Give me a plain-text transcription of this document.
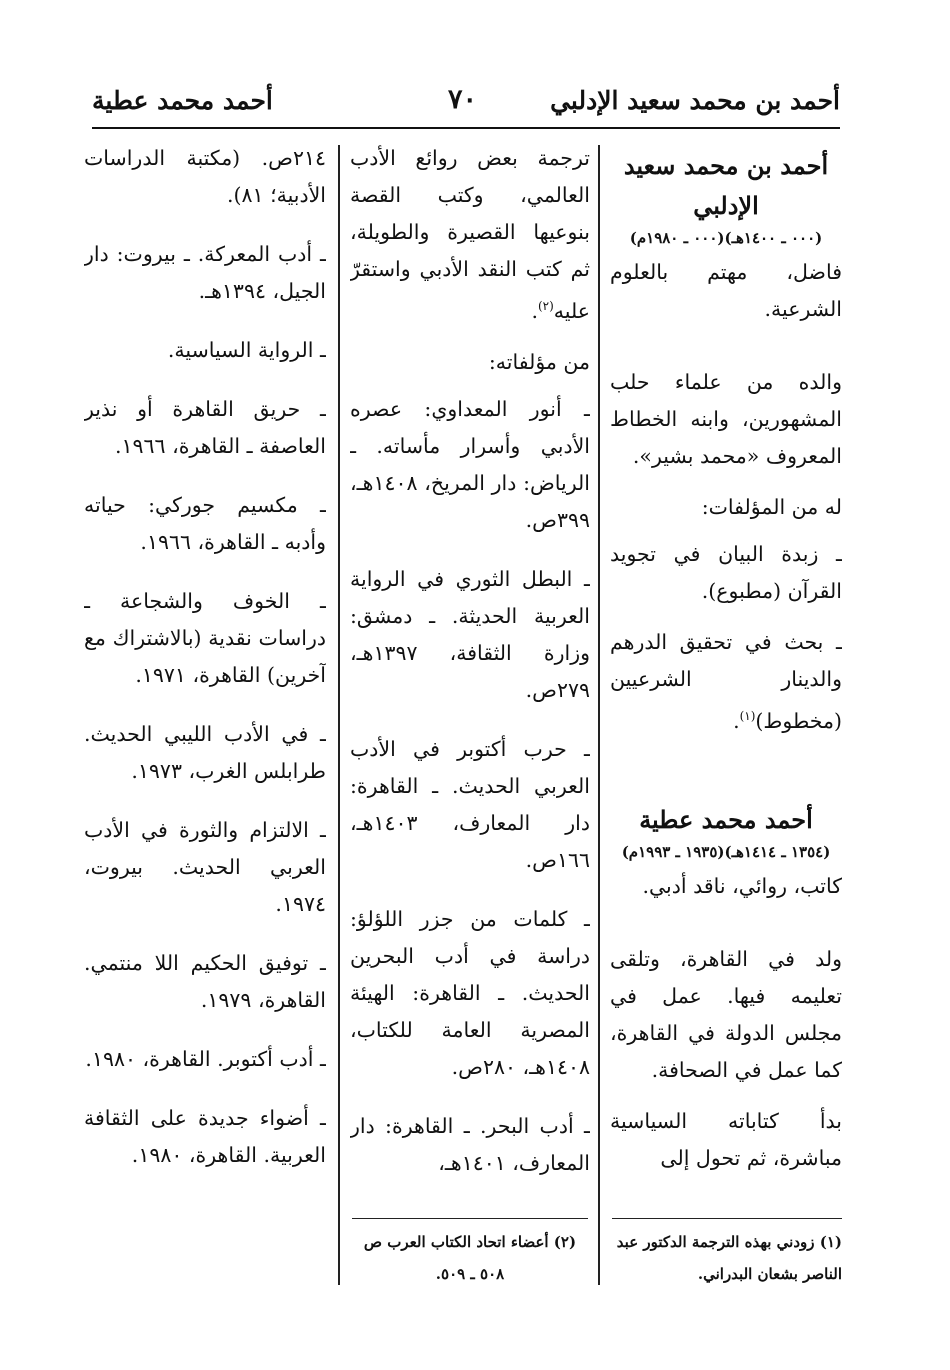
أحمد بن محمد سعيد الإدلبي
٧٠
أحمد محمد عطية
أحمد بن محمد سعيد الإدلبي
(٠٠٠ ـ ١٤٠٠هـ)(٠٠٠ ـ ١٩٨٠م)

فاضل، مهتم بالعلوم الشرعية.

والده من علماء حلب المشهورين، وابنه الخطاط المعروف «محمد بشير».

له من المؤلفات:

ـ زبدة البيان في تجويد القرآن (مطبوع).

ـ بحث في تحقيق الدرهم والدينار الشرعيين (مخطوط)$^{(١)}$.

أحمد محمد عطية
(١٣٥٤ ـ ١٤١٤هـ)(١٩٣٥ ـ ١٩٩٣م)

كاتب، روائي، ناقد أدبي.

ولد في القاهرة، وتلقى تعليمه فيها. عمل في مجلس الدولة في القاهرة، كما عمل في الصحافة.

بدأ كتاباته السياسية مباشرة، ثم تحول إلى

ترجمة بعض روائع الأدب العالمي، وكتب القصة بنوعيها القصيرة والطويلة، ثم كتب النقد الأدبي واستقرّ عليه$^{(٢)}$.

من مؤلفاته:

ـ أنور المعداوي: عصره الأدبي وأسرار مأساته. ـ الرياض: دار المريخ، ١٤٠٨هـ، ٣٩٩ص.

ـ البطل الثوري في الرواية العربية الحديثة. ـ دمشق: وزارة الثقافة، ١٣٩٧هـ، ٢٧٩ص.

ـ حرب أكتوبر في الأدب العربي الحديث. ـ القاهرة: دار المعارف، ١٤٠٣هـ، ١٦٦ص.

ـ كلمات من جزر اللؤلؤ: دراسة في أدب البحرين الحديث. ـ القاهرة: الهيئة المصرية العامة للكتاب، ١٤٠٨هـ، ٢٨٠ص.

ـ أدب البحر. ـ القاهرة: دار المعارف، ١٤٠١هـ،

٢١٤ص. (مكتبة الدراسات الأدبية؛ ٨١).

ـ أدب المعركة. ـ بيروت: دار الجيل، ١٣٩٤هـ.

ـ الرواية السياسية.

ـ حريق القاهرة أو نذير العاصفة ـ القاهرة، ١٩٦٦.

ـ مكسيم جوركي: حياته وأدبه ـ القاهرة، ١٩٦٦.

ـ الخوف والشجاعة ـ دراسات نقدية (بالاشتراك مع آخرين) القاهرة، ١٩٧١.

ـ في الأدب الليبي الحديث. طرابلس الغرب، ١٩٧٣.

ـ الالتزام والثورة في الأدب العربي الحديث. بيروت، ١٩٧٤.

ـ توفيق الحكيم اللا منتمي. القاهرة، ١٩٧٩.

ـ أدب أكتوبر. القاهرة، ١٩٨٠.

ـ أضواء جديدة على الثقافة العربية. القاهرة، ١٩٨٠.

(١) زودني بهذه الترجمة الدكتور عبد الناصر بشعان البدراني.
(٢) أعضاء اتحاد الكتاب العرب ص ٥٠٨ ـ ٥٠٩.
